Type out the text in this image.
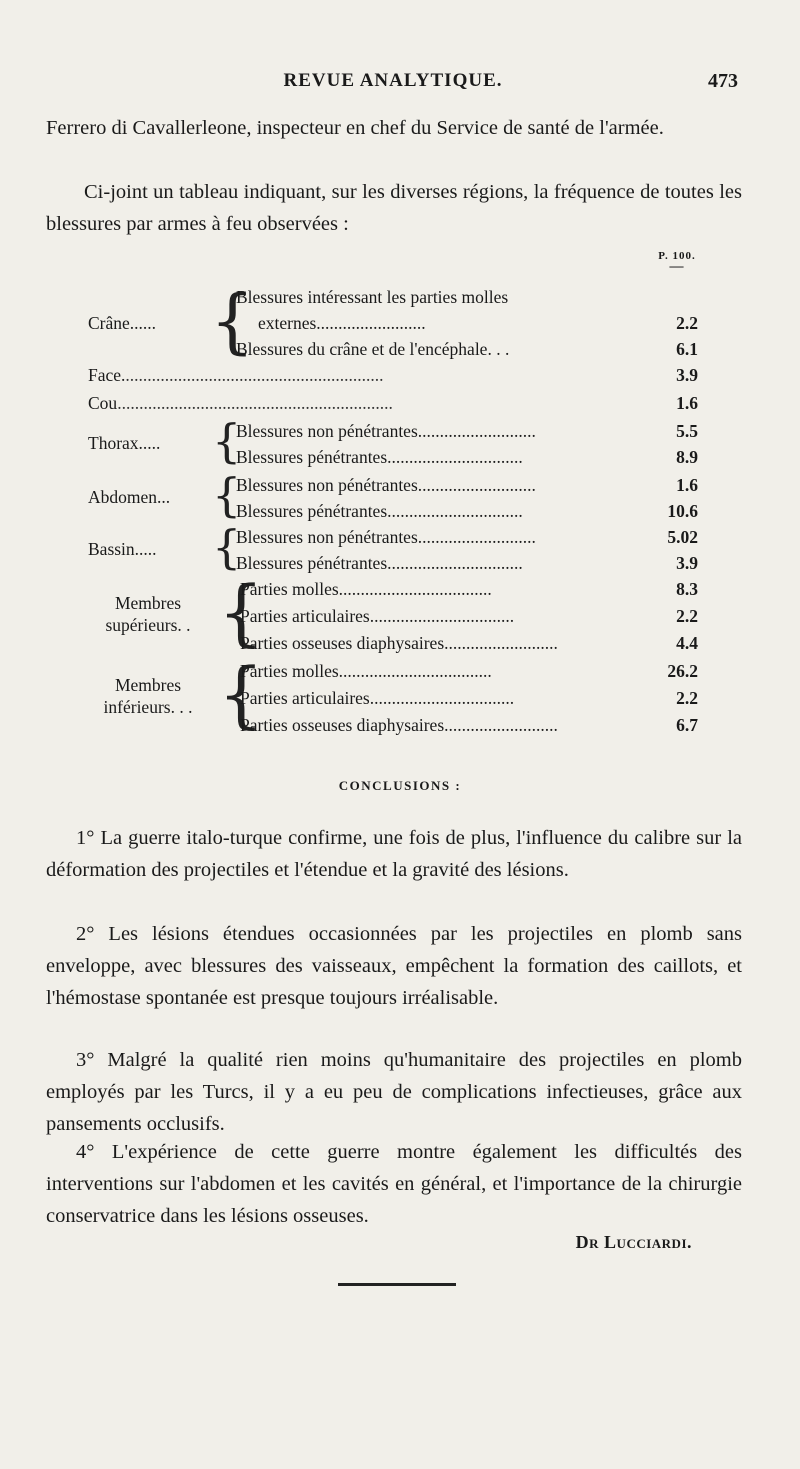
REVUE ANALYTIQUE.	473
Ferrero di Cavallerleone, inspecteur en chef du Service de santé de l'armée.
Ci-joint un tableau indiquant, sur les diverses régions, la fréquence de toutes les blessures par armes à feu observées :
P. 100.
—
Crâne...... {
Blessures intéressant les parties molles
externes.........................	2.2
Blessures du crâne et de l'encéphale. . .	6.1
Face............................................................	3.9
Cou...............................................................	1.6
Thorax..... {
Blessures non pénétrantes...........................	5.5
Blessures pénétrantes...............................	8.9
Abdomen... {
Blessures non pénétrantes...........................	1.6
Blessures pénétrantes...............................	10.6
Bassin..... {
Blessures non pénétrantes...........................	5.02
Blessures pénétrantes...............................	3.9
Membres
supérieurs. . {
Parties molles...................................	8.3
Parties articulaires.................................	2.2
Parties osseuses diaphysaires..........................	4.4
Membres
inférieurs. . . {
Parties molles...................................	26.2
Parties articulaires.................................	2.2
Parties osseuses diaphysaires..........................	6.7
CONCLUSIONS :
1° La guerre italo-turque confirme, une fois de plus, l'influence du calibre sur la déformation des projectiles et l'étendue et la gravité des lésions.
2° Les lésions étendues occasionnées par les projectiles en plomb sans enveloppe, avec blessures des vaisseaux, empêchent la formation des caillots, et l'hémostase spontanée est presque toujours irréalisable.
3° Malgré la qualité rien moins qu'humanitaire des projectiles en plomb employés par les Turcs, il y a eu peu de complications infectieuses, grâce aux pansements occlusifs.
4° L'expérience de cette guerre montre également les difficultés des interventions sur l'abdomen et les cavités en général, et l'importance de la chirurgie conservatrice dans les lésions osseuses.
Dr Lucciardi.
